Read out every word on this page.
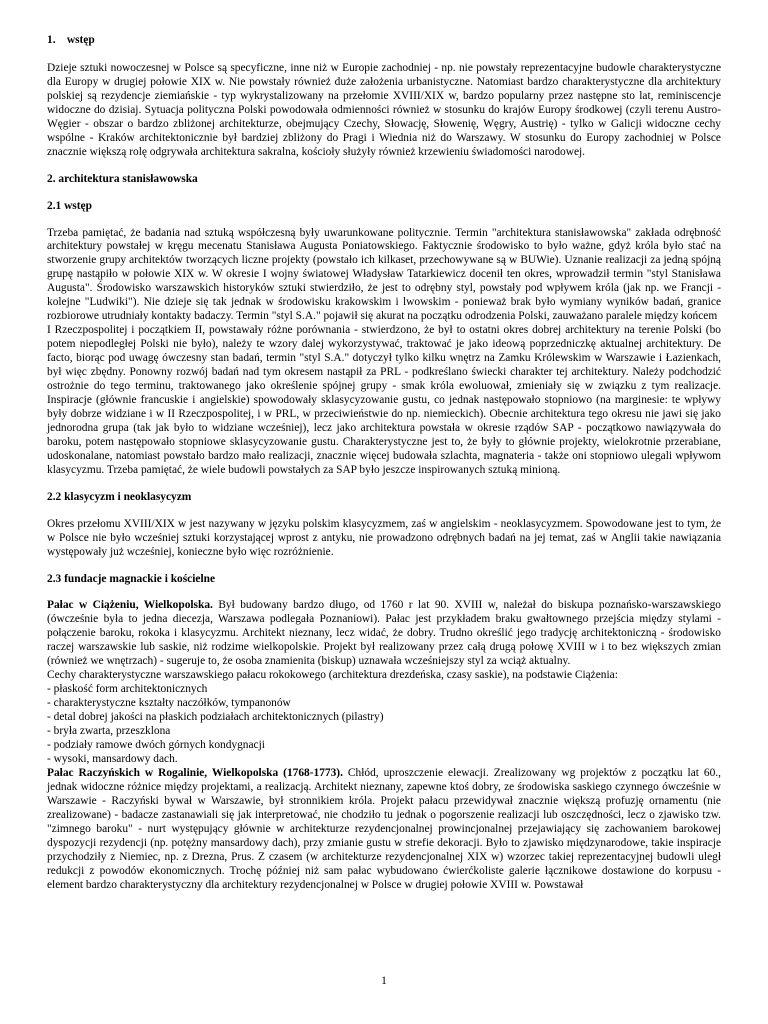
1. wstęp

Dzieje sztuki nowoczesnej w Polsce są specyficzne, inne niż w Europie zachodniej - np. nie powstały reprezentacyjne budowle charakterystyczne dla Europy w drugiej połowie XIX w. Nie powstały również duże założenia urbanistyczne. Natomiast bardzo charakterystyczne dla architektury polskiej są rezydencje ziemiańskie - typ wykrystalizowany na przełomie XVIII/XIX w, bardzo popularny przez następne sto lat, reminiscencje widoczne do dzisiaj. Sytuacja polityczna Polski powodowała odmienności również w stosunku do krajów Europy środkowej (czyli terenu Austro-Węgier - obszar o bardzo zbliżonej architekturze, obejmujący Czechy, Słowację, Słowenię, Węgry, Austrię) - tylko w Galicji widoczne cechy wspólne - Kraków architektonicznie był bardziej zbliżony do Pragi i Wiednia niż do Warszawy. W stosunku do Europy zachodniej w Polsce znacznie większą rolę odgrywała architektura sakralna, kościoły służyły również krzewieniu świadomości narodowej.

2. architektura stanisławowska
2.1 wstęp

Trzeba pamiętać, że badania nad sztuką współczesną były uwarunkowane politycznie. Termin "architektura stanisławowska" zakłada odrębność architektury powstałej w kręgu mecenatu Stanisława Augusta Poniatowskiego. Faktycznie środowisko to było ważne, gdyż króla było stać na stworzenie grupy architektów tworzących liczne projekty (powstało ich kilkaset, przechowywane są w BUWie). Uznanie realizacji za jedną spójną grupę nastąpiło w połowie XIX w. W okresie I wojny światowej Władysław Tatarkiewicz docenił ten okres, wprowadził termin "styl Stanisława Augusta". Środowisko warszawskich historyków sztuki stwierdziło, że jest to odrębny styl, powstały pod wpływem króla (jak np. we Francji - kolejne "Ludwiki"). Nie dzieje się tak jednak w środowisku krakowskim i lwowskim - ponieważ brak było wymiany wyników badań, granice rozbiorowe utrudniały kontakty badaczy. Termin "styl S.A." pojawił się akurat na początku odrodzenia Polski, zauważano paralele między końcem

I Rzeczpospolitej i początkiem II, powstawały różne porównania - stwierdzono, że był to ostatni okres dobrej architektury na terenie Polski (bo potem niepodległej Polski nie było), należy te wzory dalej wykorzystywać, traktować je jako ideową poprzedniczkę aktualnej architektury. De facto, biorąc pod uwagę ówczesny stan badań, termin "styl S.A." dotyczył tylko kilku wnętrz na Zamku Królewskim w Warszawie i Łazienkach, był więc zbędny. Ponowny rozwój badań nad tym okresem nastąpił za PRL - podkreślano świecki charakter tej architektury. Należy podchodzić ostrożnie do tego terminu, traktowanego jako określenie spójnej grupy - smak króla ewoluował, zmieniały się w związku z tym realizacje. Inspiracje (głównie francuskie i angielskie) spowodowały sklasycyzowanie gustu, co jednak następowało stopniowo (na marginesie: te wpływy były dobrze widziane i w II Rzeczpospolitej, i w PRL, w przeciwieństwie do np. niemieckich). Obecnie architektura tego okresu nie jawi się jako jednorodna grupa (tak jak było to widziane wcześniej), lecz jako architektura powstała w okresie rządów SAP - początkowo nawiązywała do baroku, potem następowało stopniowe sklasycyzowanie gustu. Charakterystyczne jest to, że były to głównie projekty, wielokrotnie przerabiane, udoskonalane, natomiast powstało bardzo mało realizacji, znacznie więcej budowała szlachta, magnateria - także oni stopniowo ulegali wpływom klasycyzmu. Trzeba pamiętać, że wiele budowli powstałych za SAP było jeszcze inspirowanych sztuką minioną.

2.2 klasycyzm i neoklasycyzm

Okres przełomu XVIII/XIX w jest nazywany w języku polskim klasycyzmem, zaś w angielskim - neoklasycyzmem. Spowodowane jest to tym, że w Polsce nie było wcześniej sztuki korzystającej wprost z antyku, nie prowadzono odrębnych badań na jej temat, zaś w Anglii takie nawiązania występowały już wcześniej, konieczne było więc rozróżnienie.

2.3 fundacje magnackie i kościelne

Pałac w Ciążeniu, Wielkopolska. Był budowany bardzo długo, od 1760 r lat 90. XVIII w, należał do biskupa poznańsko-warszawskiego (ówcześnie była to jedna diecezja, Warszawa podlegała Poznaniowi). Pałac jest przykładem braku gwałtownego przejścia między stylami - połączenie baroku, rokoka i klasycyzmu. Architekt nieznany, lecz widać, że dobry. Trudno określić jego tradycję architektoniczną - środowisko raczej warszawskie lub saskie, niż rodzime wielkopolskie. Projekt był realizowany przez całą drugą połowę XVIII w i to bez większych zmian (również we wnętrzach) - sugeruje to, że osoba znamienita (biskup) uznawała wcześniejszy styl za wciąż aktualny.

Cechy charakterystyczne warszawskiego pałacu rokokowego (architektura drezdeńska, czasy saskie), na podstawie Ciążenia:
- płaskość form architektonicznych
- charakterystyczne kształty naczółków, tympanonów
- detal dobrej jakości na płaskich podziałach architektonicznych (pilastry)
- bryła zwarta, przeszklona
- podziały ramowe dwóch górnych kondygnacji
- wysoki, mansardowy dach.

Pałac Raczyńskich w Rogalinie, Wielkopolska (1768-1773). Chłód, uproszczenie elewacji. Zrealizowany wg projektów z początku lat 60., jednak widoczne różnice między projektami, a realizacją. Architekt nieznany, zapewne ktoś dobry, ze środowiska saskiego czynnego ówcześnie w Warszawie - Raczyński bywał w Warszawie, był stronnikiem króla. Projekt pałacu przewidywał znacznie większą profuzję ornamentu (nie zrealizowane) - badacze zastanawiali się jak interpretować, nie chodziło tu jednak o pogorszenie realizacji lub oszczędności, lecz o zjawisko tzw. "zimnego baroku" - nurt występujący głównie w architekturze rezydencjonalnej prowincjonalnej przejawiający się zachowaniem barokowej dyspozycji rezydencji (np. potężny mansardowy dach), przy zmianie gustu w strefie dekoracji. Było to zjawisko międzynarodowe, takie inspiracje przychodziły z Niemiec, np. z Drezna, Prus. Z czasem (w architekturze rezydencjonalnej XIX w) wzorzec takiej reprezentacyjnej budowli uległ redukcji z powodów ekonomicznych. Trochę później niż sam pałac wybudowano ćwierćkoliste galerie łącznikowe dostawione do korpusu - element bardzo charakterystyczny dla architektury rezydencjonalnej w Polsce w drugiej połowie XVIII w. Powstawał

1
